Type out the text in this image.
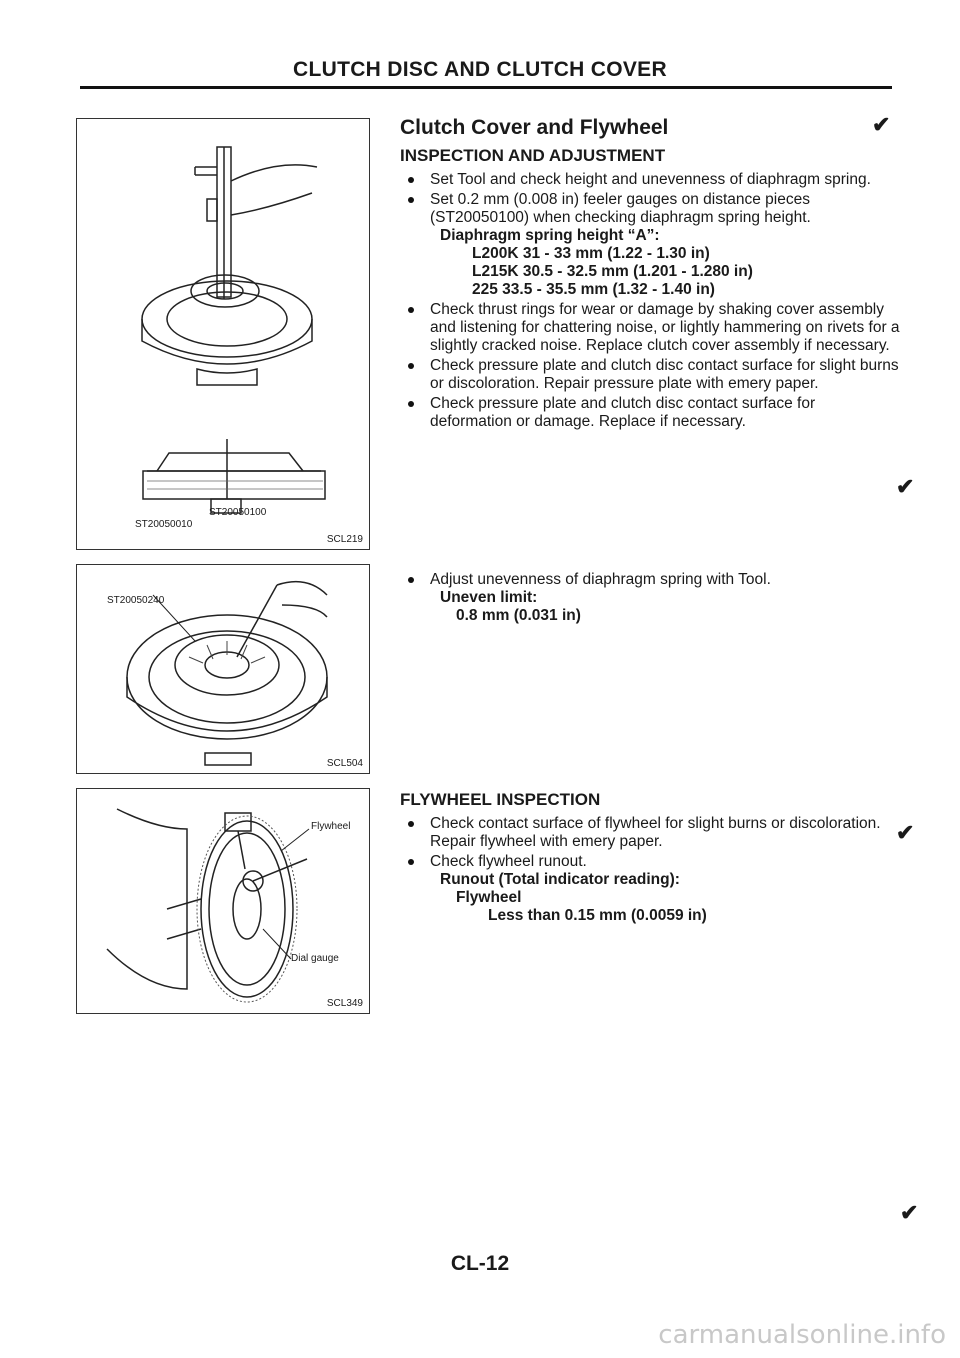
CLUTCH DISC AND CLUTCH COVER
ST20050100
ST20050010
SCL219
ST20050240
SCL504
Flywheel
Dial gauge
SCL349
Clutch Cover and Flywheel
INSPECTION AND ADJUSTMENT
Set Tool and check height and unevenness of diaphragm spring.
Set 0.2 mm (0.008 in) feeler gauges on distance pieces (ST20050100) when checking diaphragm spring height.
Diaphragm spring height “A”:
L200K 31 - 33 mm (1.22 - 1.30 in)
L215K 30.5 - 32.5 mm (1.201 - 1.280 in)
225 33.5 - 35.5 mm (1.32 - 1.40 in)
Check thrust rings for wear or damage by shaking cover assembly and listening for chattering noise, or lightly hammering on rivets for a slightly cracked noise. Replace clutch cover assembly if necessary.
Check pressure plate and clutch disc contact surface for slight burns or discoloration. Repair pressure plate with emery paper.
Check pressure plate and clutch disc contact surface for deformation or damage. Replace if necessary.
Adjust unevenness of diaphragm spring with Tool.
Uneven limit:
0.8 mm (0.031 in)
FLYWHEEL INSPECTION
Check contact surface of flywheel for slight burns or discoloration. Repair flywheel with emery paper.
Check flywheel runout.
Runout (Total indicator reading):
Flywheel
Less than 0.15 mm (0.0059 in)
✔
✔
✔
✔
CL-12
carmanualsonline.info
